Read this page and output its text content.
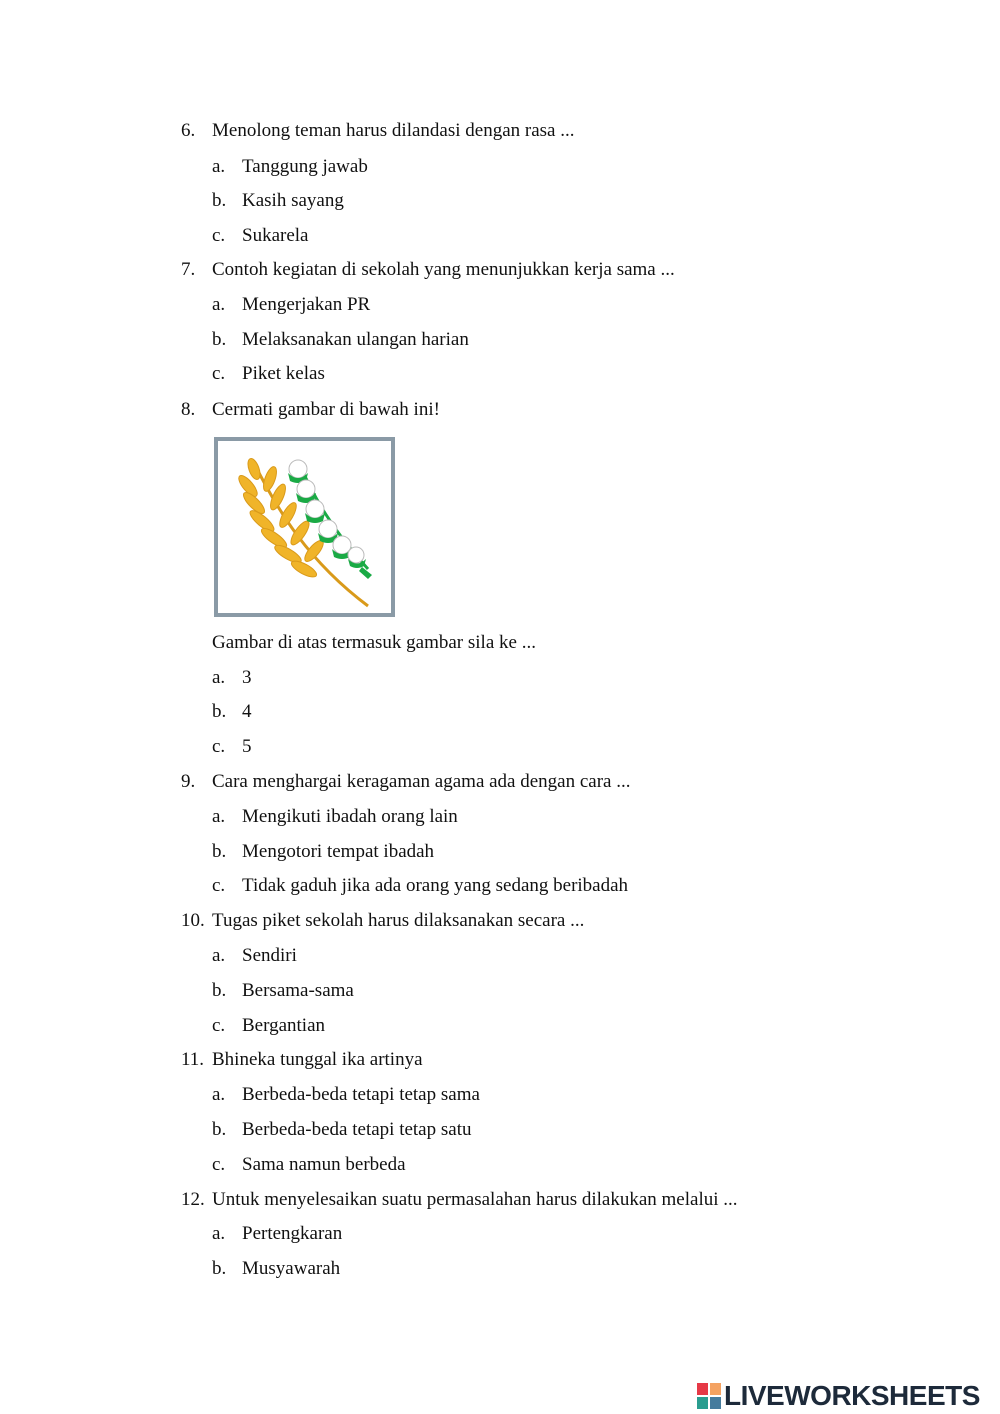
6. Menolong teman harus dilandasi dengan rasa ...
a. Tanggung jawab
b. Kasih sayang
c. Sukarela
7. Contoh kegiatan di sekolah yang menunjukkan kerja sama ...
a. Mengerjakan PR
b. Melaksanakan ulangan harian
c. Piket kelas
8. Cermati gambar di bawah ini!
Gambar di atas termasuk gambar sila ke ...
a. 3
b. 4
c. 5
9. Cara menghargai keragaman agama ada dengan cara ...
a. Mengikuti ibadah orang lain
b. Mengotori tempat ibadah
c. Tidak gaduh jika ada orang yang sedang beribadah
10. Tugas piket sekolah harus dilaksanakan secara ...
a. Sendiri
b. Bersama-sama
c. Bergantian
11. Bhineka tunggal ika artinya
a. Berbeda-beda tetapi tetap sama
b. Berbeda-beda tetapi tetap satu
c. Sama namun berbeda
12. Untuk menyelesaikan suatu permasalahan harus dilakukan melalui ...
a. Pertengkaran
b. Musyawarah
LIVEWORKSHEETS
